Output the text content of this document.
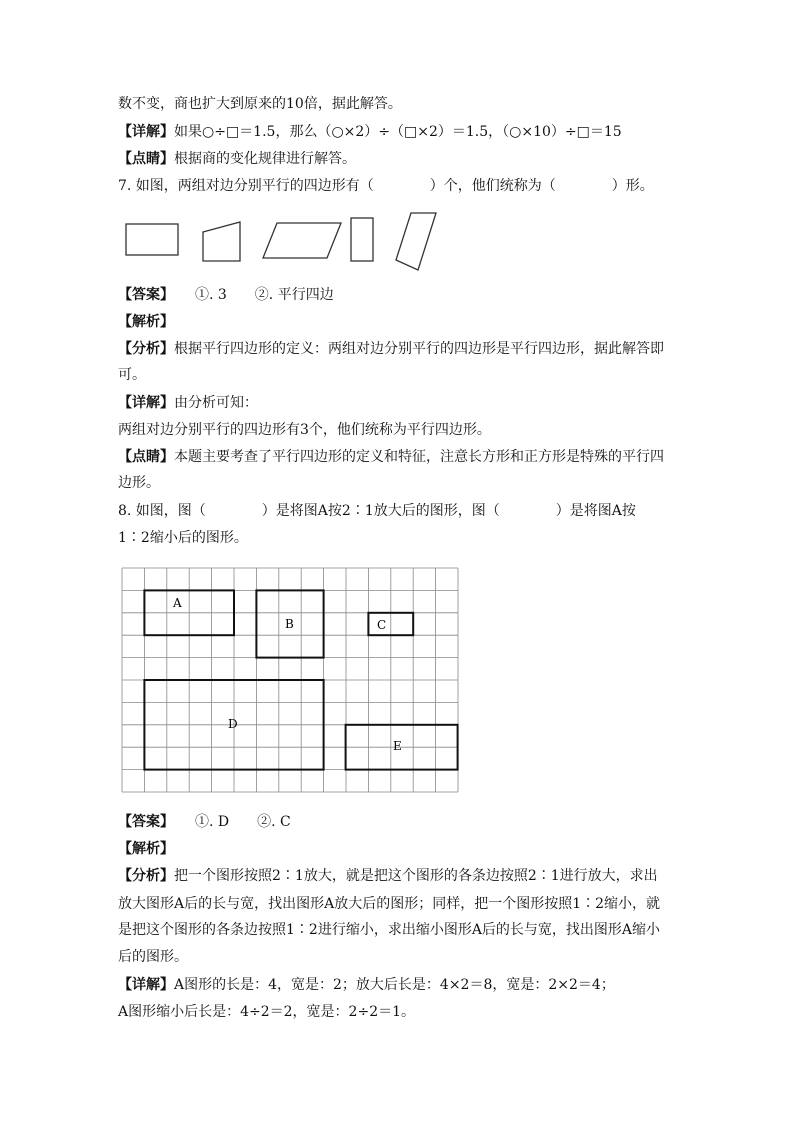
数不变，商也扩大到原来的10倍，据此解答。
【详解】如果○÷□＝1.5，那么（○×2）÷（□×2）＝1.5，（○×10）÷□＝15
【点睛】根据商的变化规律进行解答。
7. 如图，两组对边分别平行的四边形有（　　　　）个，他们统称为（　　　　）形。
【答案】　　①. 3　　②. 平行四边
【解析】
【分析】根据平行四边形的定义：两组对边分别平行的四边形是平行四边形，据此解答即
可。
【详解】由分析可知：
两组对边分别平行的四边形有3个，他们统称为平行四边形。
【点睛】本题主要考查了平行四边形的定义和特征，注意长方形和正方形是特殊的平行四
边形。
8. 如图，图（　　　　）是将图A按2∶1放大后的图形，图（　　　　）是将图A按
1∶2缩小后的图形。
A
B	C
D
E
【答案】　　①. D　　②. C
【解析】
【分析】把一个图形按照2∶1放大，就是把这个图形的各条边按照2∶1进行放大，求出
放大图形A后的长与宽，找出图形A放大后的图形；同样，把一个图形按照1∶2缩小，就
是把这个图形的各条边按照1∶2进行缩小，求出缩小图形A后的长与宽，找出图形A缩小
后的图形。
【详解】A图形的长是：4，宽是：2；放大后长是：4×2＝8，宽是：2×2＝4；
A图形缩小后长是：4÷2＝2，宽是：2÷2＝1。
